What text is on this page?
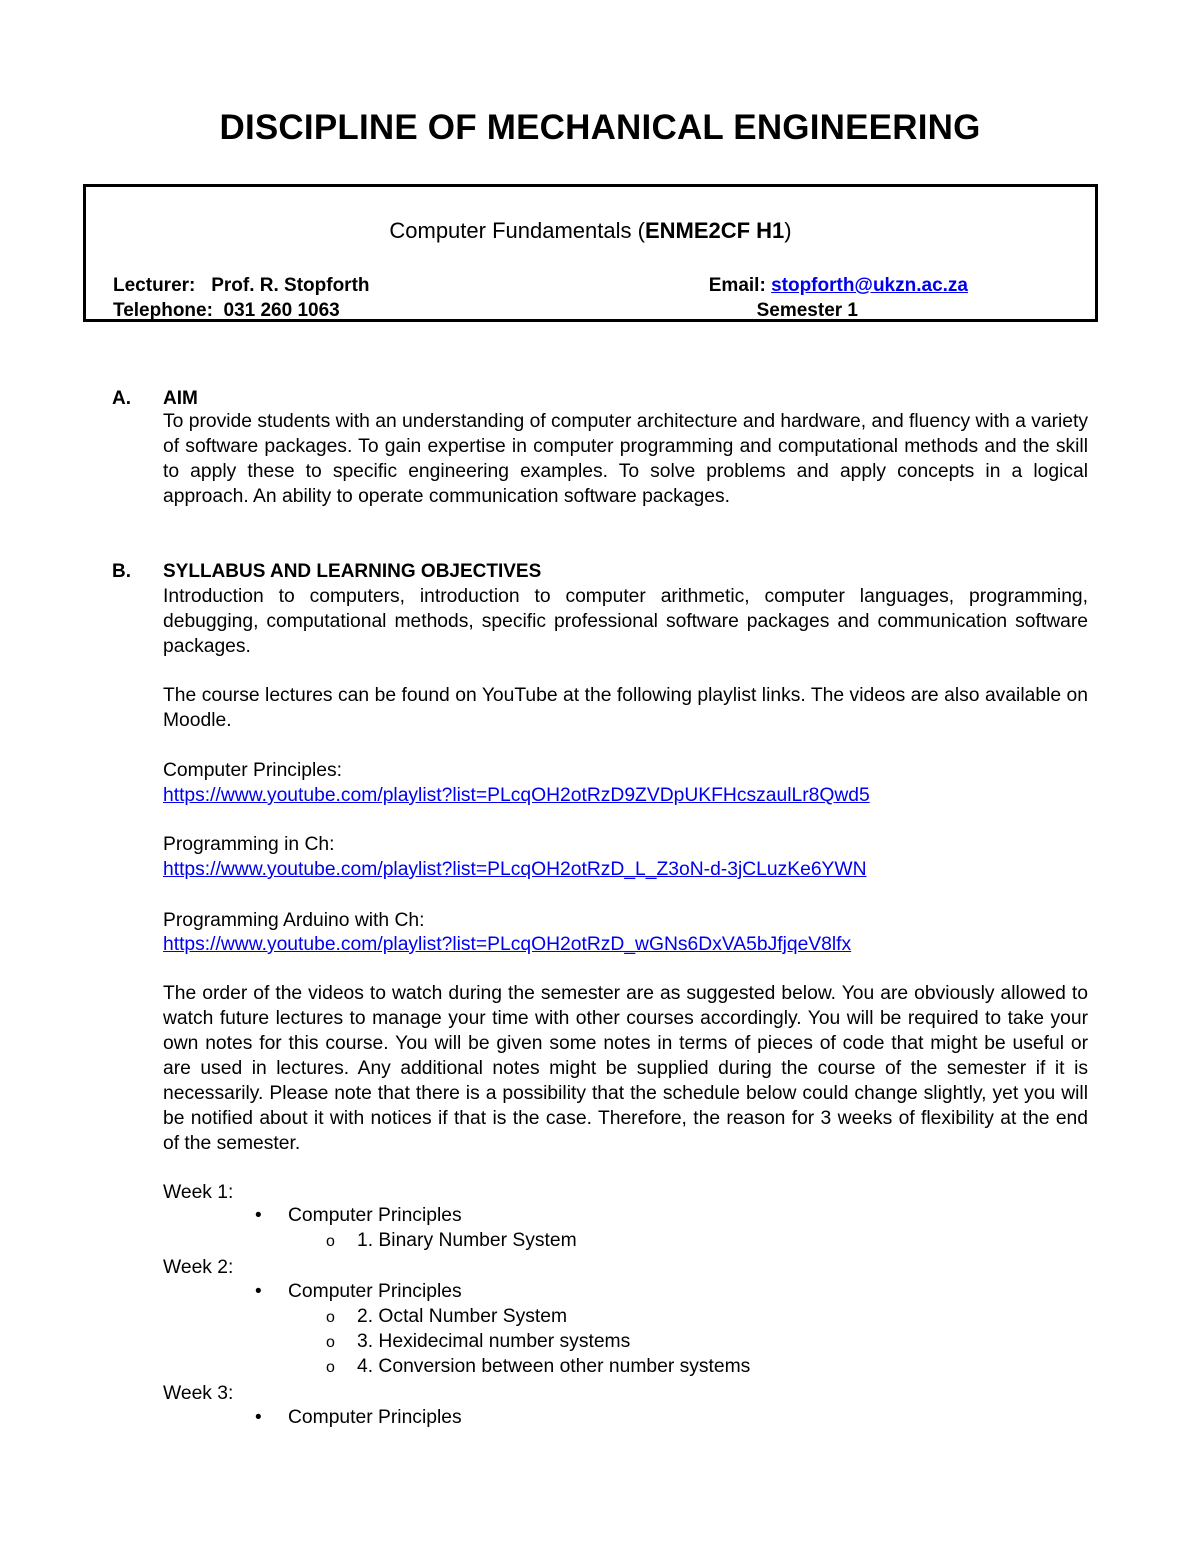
DISCIPLINE OF MECHANICAL ENGINEERING
Computer Fundamentals (ENME2CF H1)
Lecturer: Prof. R. Stopforth	Email: stopforth@ukzn.ac.za
Telephone: 031 260 1063	Semester 1
A. AIM
To provide students with an understanding of computer architecture and hardware, and fluency with a variety of software packages. To gain expertise in computer programming and computational methods and the skill to apply these to specific engineering examples. To solve problems and apply concepts in a logical approach. An ability to operate communication software packages.
B. SYLLABUS AND LEARNING OBJECTIVES
Introduction to computers, introduction to computer arithmetic, computer languages, programming, debugging, computational methods, specific professional software packages and communication software packages.
The course lectures can be found on YouTube at the following playlist links. The videos are also available on Moodle.
Computer Principles:
https://www.youtube.com/playlist?list=PLcqOH2otRzD9ZVDpUKFHcszaulLr8Qwd5
Programming in Ch:
https://www.youtube.com/playlist?list=PLcqOH2otRzD_L_Z3oN-d-3jCLuzKe6YWN
Programming Arduino with Ch:
https://www.youtube.com/playlist?list=PLcqOH2otRzD_wGNs6DxVA5bJfjqeV8lfx
The order of the videos to watch during the semester are as suggested below. You are obviously allowed to watch future lectures to manage your time with other courses accordingly. You will be required to take your own notes for this course. You will be given some notes in terms of pieces of code that might be useful or are used in lectures. Any additional notes might be supplied during the course of the semester if it is necessarily. Please note that there is a possibility that the schedule below could change slightly, yet you will be notified about it with notices if that is the case. Therefore, the reason for 3 weeks of flexibility at the end of the semester.
Week 1:
• Computer Principles
o 1. Binary Number System
Week 2:
• Computer Principles
o 2. Octal Number System
o 3. Hexidecimal number systems
o 4. Conversion between other number systems
Week 3:
• Computer Principles
